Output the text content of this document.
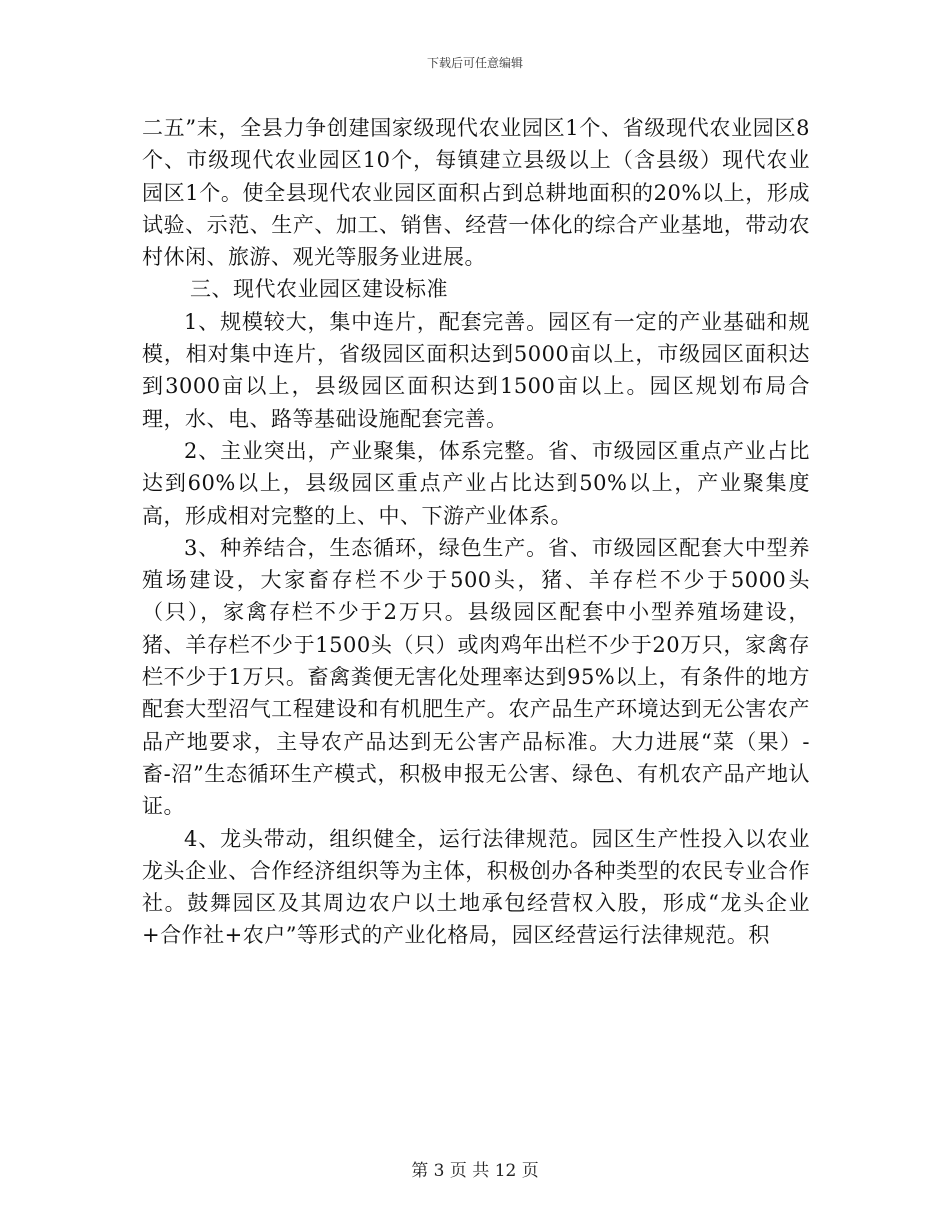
下载后可任意编辑

二五”末，全县力争创建国家级现代农业园区1个、省级现代农业园区8个、市级现代农业园区10个，每镇建立县级以上（含县级）现代农业园区1个。使全县现代农业园区面积占到总耕地面积的20%以上，形成试验、示范、生产、加工、销售、经营一体化的综合产业基地，带动农村休闲、旅游、观光等服务业进展。

三、现代农业园区建设标准

1、规模较大，集中连片，配套完善。园区有一定的产业基础和规模，相对集中连片，省级园区面积达到5000亩以上，市级园区面积达到3000亩以上，县级园区面积达到1500亩以上。园区规划布局合理，水、电、路等基础设施配套完善。

2、主业突出，产业聚集，体系完整。省、市级园区重点产业占比达到60%以上，县级园区重点产业占比达到50%以上，产业聚集度高，形成相对完整的上、中、下游产业体系。

3、种养结合，生态循环，绿色生产。省、市级园区配套大中型养殖场建设，大家畜存栏不少于500头，猪、羊存栏不少于5000头（只），家禽存栏不少于2万只。县级园区配套中小型养殖场建设，猪、羊存栏不少于1500头（只）或肉鸡年出栏不少于20万只，家禽存栏不少于1万只。畜禽粪便无害化处理率达到95%以上，有条件的地方配套大型沼气工程建设和有机肥生产。农产品生产环境达到无公害农产品产地要求，主导农产品达到无公害产品标准。大力进展“菜（果）-畜-沼”生态循环生产模式，积极申报无公害、绿色、有机农产品产地认证。

4、龙头带动，组织健全，运行法律规范。园区生产性投入以农业龙头企业、合作经济组织等为主体，积极创办各种类型的农民专业合作社。鼓舞园区及其周边农户以土地承包经营权入股，形成“龙头企业+合作社+农户”等形式的产业化格局，园区经营运行法律规范。积

第 3 页 共 12 页
